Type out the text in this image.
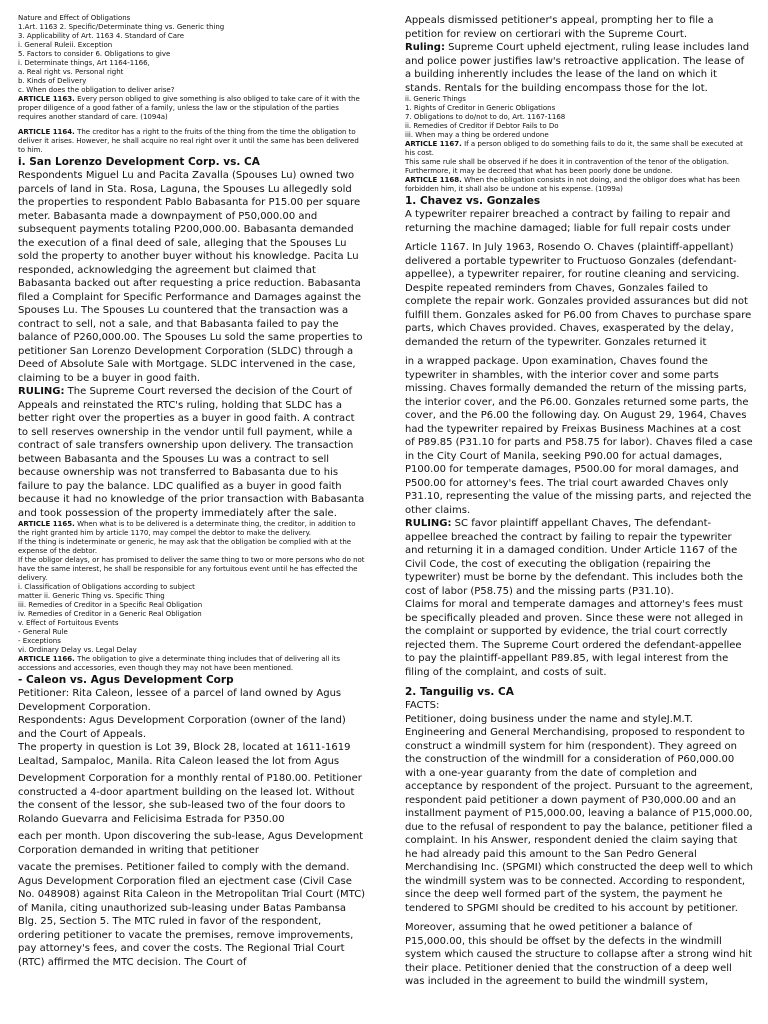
Nature and Effect of Obligations

1.Art. 1163 2. Specific/Determinate thing vs. Generic thing

3. Applicability of Art. 1163 4. Standard of Care

i. General Ruleii. Exception

5. Factors to consider 6. Obligations to give

i. Determinate things, Art 1164-1166,

a. Real right vs. Personal right

b. Kinds of Delivery

c. When does the obligation to deliver arise?

ARTICLE 1163. Every person obliged to give something is also obliged to take care of it with the proper diligence of a good father of a family, unless the law or the stipulation of the parties requires another standard of care. (1094a)

ARTICLE 1164. The creditor has a right to the fruits of the thing from the time the obligation to deliver it arises. However, he shall acquire no real right over it until the same has been delivered to him.

i. San Lorenzo Development Corp. vs. CA

Respondents Miguel Lu and Pacita Zavalla (Spouses Lu) owned two parcels of land in Sta. Rosa, Laguna, the Spouses Lu allegedly sold the properties to respondent Pablo Babasanta for P15.00 per square meter. Babasanta made a downpayment of P50,000.00 and subsequent payments totaling P200,000.00. Babasanta demanded the execution of a final deed of sale, alleging that the Spouses Lu sold the property to another buyer without his knowledge. Pacita Lu responded, acknowledging the agreement but claimed that Babasanta backed out after requesting a price reduction. Babasanta filed a Complaint for Specific Performance and Damages against the Spouses Lu. The Spouses Lu countered that the transaction was a contract to sell, not a sale, and that Babasanta failed to pay the balance of P260,000.00. The Spouses Lu sold the same properties to petitioner San Lorenzo Development Corporation (SLDC) through a Deed of Absolute Sale with Mortgage. SLDC intervened in the case, claiming to be a buyer in good faith.

RULING: The Supreme Court reversed the decision of the Court of Appeals and reinstated the RTC's ruling, holding that SLDC has a better right over the properties as a buyer in good faith. A contract to sell reserves ownership in the vendor until full payment, while a contract of sale transfers ownership upon delivery. The transaction between Babasanta and the Spouses Lu was a contract to sell because ownership was not transferred to Babasanta due to his failure to pay the balance. LDC qualified as a buyer in good faith because it had no knowledge of the prior transaction with Babasanta and took possession of the property immediately after the sale.

ARTICLE 1165. When what is to be delivered is a determinate thing, the creditor, in addition to the right granted him by article 1170, may compel the debtor to make the delivery.

If the thing is indeterminate or generic, he may ask that the obligation be complied with at the expense of the debtor.

If the obligor delays, or has promised to deliver the same thing to two or more persons who do not have the same interest, he shall be responsible for any fortuitous event until he has effected the delivery.

i. Classification of Obligations according to subject

matter ii. Generic Thing vs. Specific Thing

iii. Remedies of Creditor in a Specific Real Obligation

iv. Remedies of Creditor in a Generic Real Obligation

v. Effect of Fortuitous Events

- General Rule

- Exceptions

vi. Ordinary Delay vs. Legal Delay

ARTICLE 1166. The obligation to give a determinate thing includes that of delivering all its accessions and accessories, even though they may not have been mentioned.

- Caleon vs. Agus Development Corp

Petitioner: Rita Caleon, lessee of a parcel of land owned by Agus Development Corporation.

Respondents: Agus Development Corporation (owner of the land) and the Court of Appeals.

The property in question is Lot 39, Block 28, located at 1611-1619 Lealtad, Sampaloc, Manila. Rita Caleon leased the lot from Agus

Development Corporation for a monthly rental of P180.00. Petitioner constructed a 4-door apartment building on the leased lot. Without the consent of the lessor, she sub-leased two of the four doors to Rolando Guevarra and Felicisima Estrada for P350.00

each per month. Upon discovering the sub-lease, Agus Development Corporation demanded in writing that petitioner

vacate the premises. Petitioner failed to comply with the demand. Agus Development Corporation filed an ejectment case (Civil Case No. 048908) against Rita Caleon in the Metropolitan Trial Court (MTC) of Manila, citing unauthorized sub-leasing under Batas Pambansa Blg. 25, Section 5. The MTC ruled in favor of the respondent, ordering petitioner to vacate the premises, remove improvements, pay attorney's fees, and cover the costs. The Regional Trial Court (RTC) affirmed the MTC decision. The Court of

Appeals dismissed petitioner's appeal, prompting her to file a petition for review on certiorari with the Supreme Court.

Ruling: Supreme Court upheld ejectment, ruling lease includes land and police power justifies law's retroactive application. The lease of a building inherently includes the lease of the land on which it stands. Rentals for the building encompass those for the lot.

ii. Generic Things

1. Rights of Creditor in Generic Obligations

7. Obligations to do/not to do, Art. 1167-1168

ii. Remedies of Creditor if Debtor Fails to Do

iii. When may a thing be ordered undone

ARTICLE 1167. If a person obliged to do something fails to do it, the same shall be executed at his cost.

This same rule shall be observed if he does it in contravention of the tenor of the obligation. Furthermore, it may be decreed that what has been poorly done be undone.

ARTICLE 1168. When the obligation consists in not doing, and the obligor does what has been forbidden him, it shall also be undone at his expense. (1099a)

1. Chavez vs. Gonzales

A typewriter repairer breached a contract by failing to repair and returning the machine damaged; liable for full repair costs under

Article 1167. In July 1963, Rosendo O. Chaves (plaintiff-appellant) delivered a portable typewriter to Fructuoso Gonzales (defendant-appellee), a typewriter repairer, for routine cleaning and servicing. Despite repeated reminders from Chaves, Gonzales failed to complete the repair work. Gonzales provided assurances but did not fulfill them. Gonzales asked for P6.00 from Chaves to purchase spare parts, which Chaves provided. Chaves, exasperated by the delay, demanded the return of the typewriter. Gonzales returned it

in a wrapped package. Upon examination, Chaves found the typewriter in shambles, with the interior cover and some parts missing. Chaves formally demanded the return of the missing parts, the interior cover, and the P6.00. Gonzales returned some parts, the cover, and the P6.00 the following day. On August 29, 1964, Chaves had the typewriter repaired by Freixas Business Machines at a cost of P89.85 (P31.10 for parts and P58.75 for labor). Chaves filed a case in the City Court of Manila, seeking P90.00 for actual damages, P100.00 for temperate damages, P500.00 for moral damages, and P500.00 for attorney's fees. The trial court awarded Chaves only P31.10, representing the value of the missing parts, and rejected the other claims.

RULING: SC favor plaintiff appellant Chaves, The defendant-appellee breached the contract by failing to repair the typewriter and returning it in a damaged condition. Under Article 1167 of the Civil Code, the cost of executing the obligation (repairing the typewriter) must be borne by the defendant. This includes both the cost of labor (P58.75) and the missing parts (P31.10).

Claims for moral and temperate damages and attorney's fees must be specifically pleaded and proven. Since these were not alleged in the complaint or supported by evidence, the trial court correctly rejected them. The Supreme Court ordered the defendant-appellee to pay the plaintiff-appellant P89.85, with legal interest from the filing of the complaint, and costs of suit.

2. Tanguilig vs. CA

FACTS:

Petitioner, doing business under the name and styleJ.M.T. Engineering and General Merchandising, proposed to respondent to construct a windmill system for him (respondent). They agreed on the construction of the windmill for a consideration of P60,000.00 with a one-year guaranty from the date of completion and acceptance by respondent of the project. Pursuant to the agreement, respondent paid petitioner a down payment of P30,000.00 and an installment payment of P15,000.00, leaving a balance of P15,000.00, due to the refusal of respondent to pay the balance, petitioner filed a complaint. In his Answer, respondent denied the claim saying that he had already paid this amount to the San Pedro General Merchandising Inc. (SPGMI) which constructed the deep well to which the windmill system was to be connected. According to respondent, since the deep well formed part of the system, the payment he tendered to SPGMI should be credited to his account by petitioner.

Moreover, assuming that he owed petitioner a balance of P15,000.00, this should be offset by the defects in the windmill system which caused the structure to collapse after a strong wind hit their place. Petitioner denied that the construction of a deep well was included in the agreement to build the windmill system,
